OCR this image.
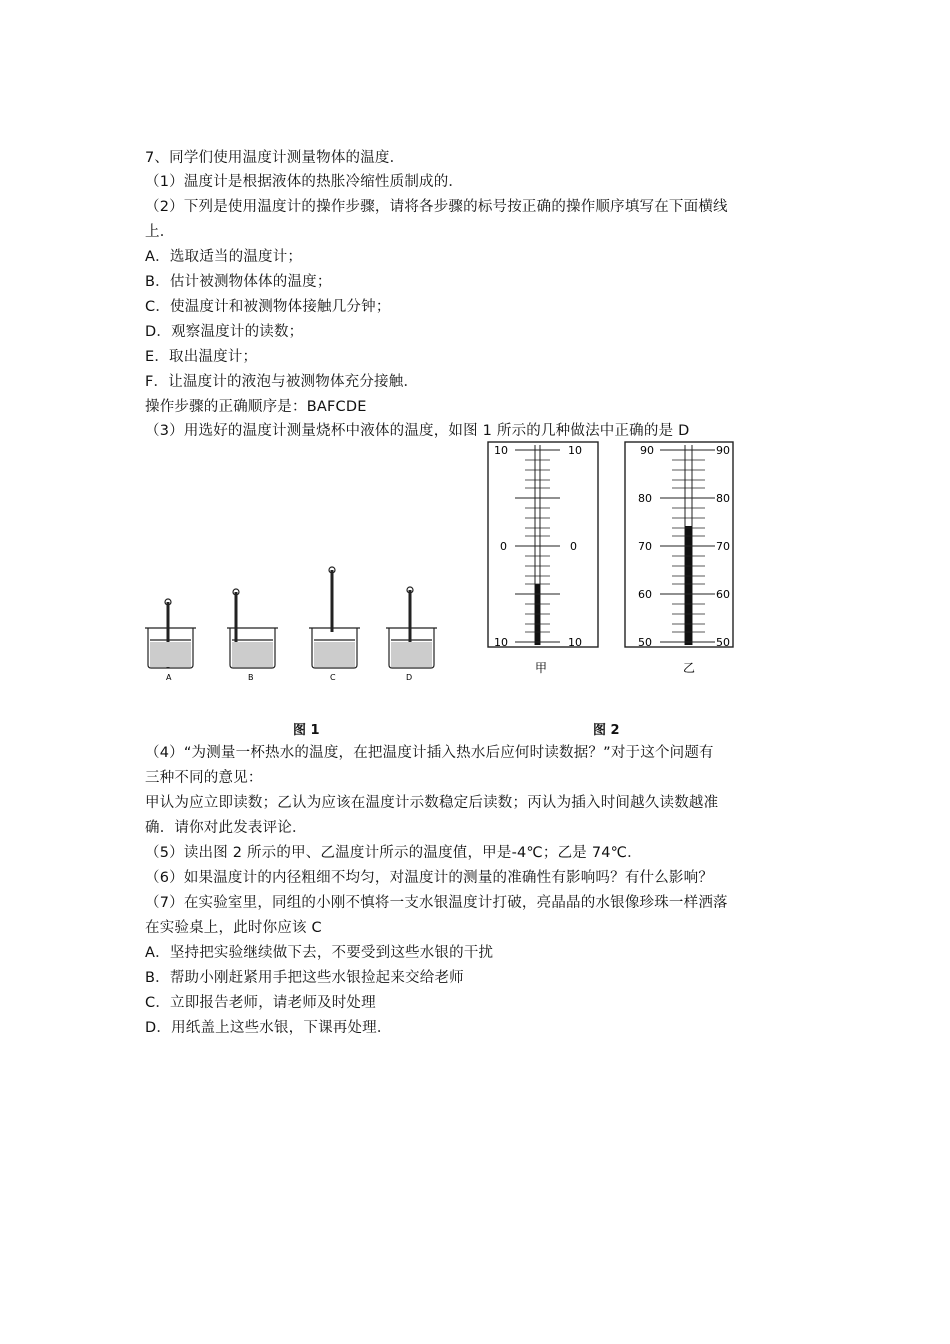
7、同学们使用温度计测量物体的温度．
（1）温度计是根据液体的热胀冷缩性质制成的．
（2）下列是使用温度计的操作步骤，请将各步骤的标号按正确的操作顺序填写在下面横线
上．
A．选取适当的温度计；
B．估计被测物体体的温度；
C．使温度计和被测物体接触几分钟；
D．观察温度计的读数；
E．取出温度计；
F．让温度计的液泡与被测物体充分接触．
操作步骤的正确顺序是：BAFCDE
（3）用选好的温度计测量烧杯中液体的温度，如图 1 所示的几种做法中正确的是 D
A	B	C	D
10	10
0	0
10	10
甲
90	90
80	80
70	70
60	60
50	50
乙
图 1	图 2
（4）“为测量一杯热水的温度，在把温度计插入热水后应何时读数据？”对于这个问题有
三种不同的意见：
甲认为应立即读数；乙认为应该在温度计示数稳定后读数；丙认为插入时间越久读数越准
确．请你对此发表评论．
（5）读出图 2 所示的甲、乙温度计所示的温度值，甲是-4℃；乙是 74℃．
（6）如果温度计的内径粗细不均匀，对温度计的测量的准确性有影响吗？有什么影响？
（7）在实验室里，同组的小刚不慎将一支水银温度计打破，亮晶晶的水银像珍珠一样洒落
在实验桌上，此时你应该 C
A．坚持把实验继续做下去，不要受到这些水银的干扰
B．帮助小刚赶紧用手把这些水银捡起来交给老师
C．立即报告老师，请老师及时处理
D．用纸盖上这些水银，下课再处理．
